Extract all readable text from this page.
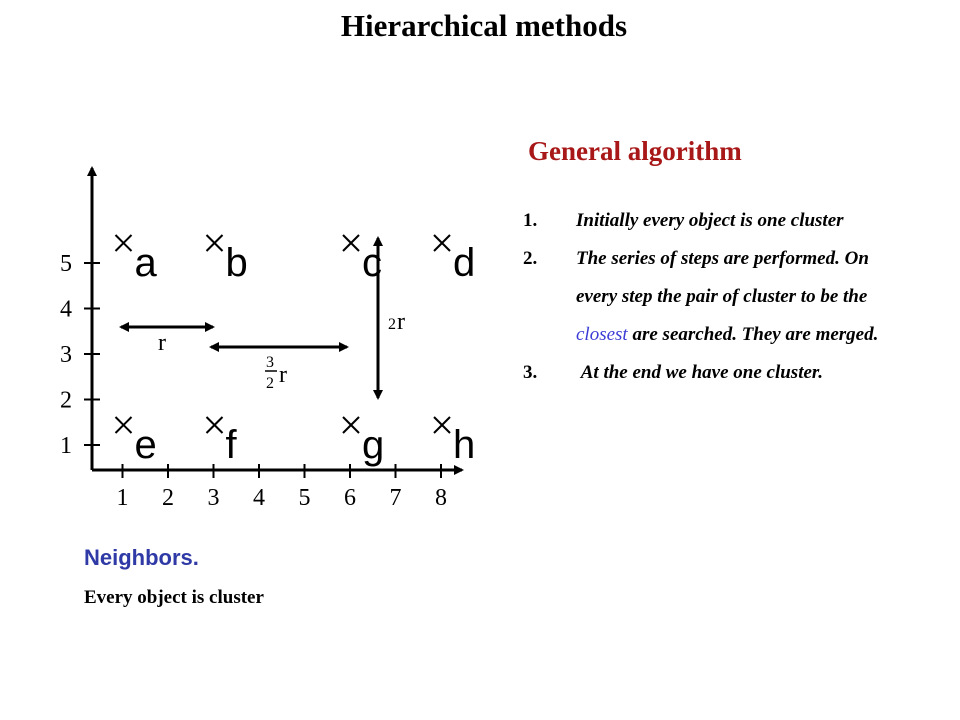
Hierarchical methods
1
2
3
4
5
1 2 3 4 5 6 7 8
a b	c d
e f	g h
r
3
2 r
2 r
Neighbors.
Every object is cluster
General algorithm
1. Initially every object is one cluster
2. The series of steps are performed. On every step the pair of cluster to be the closest are searched. They are merged.
3. At the end we have one cluster.
